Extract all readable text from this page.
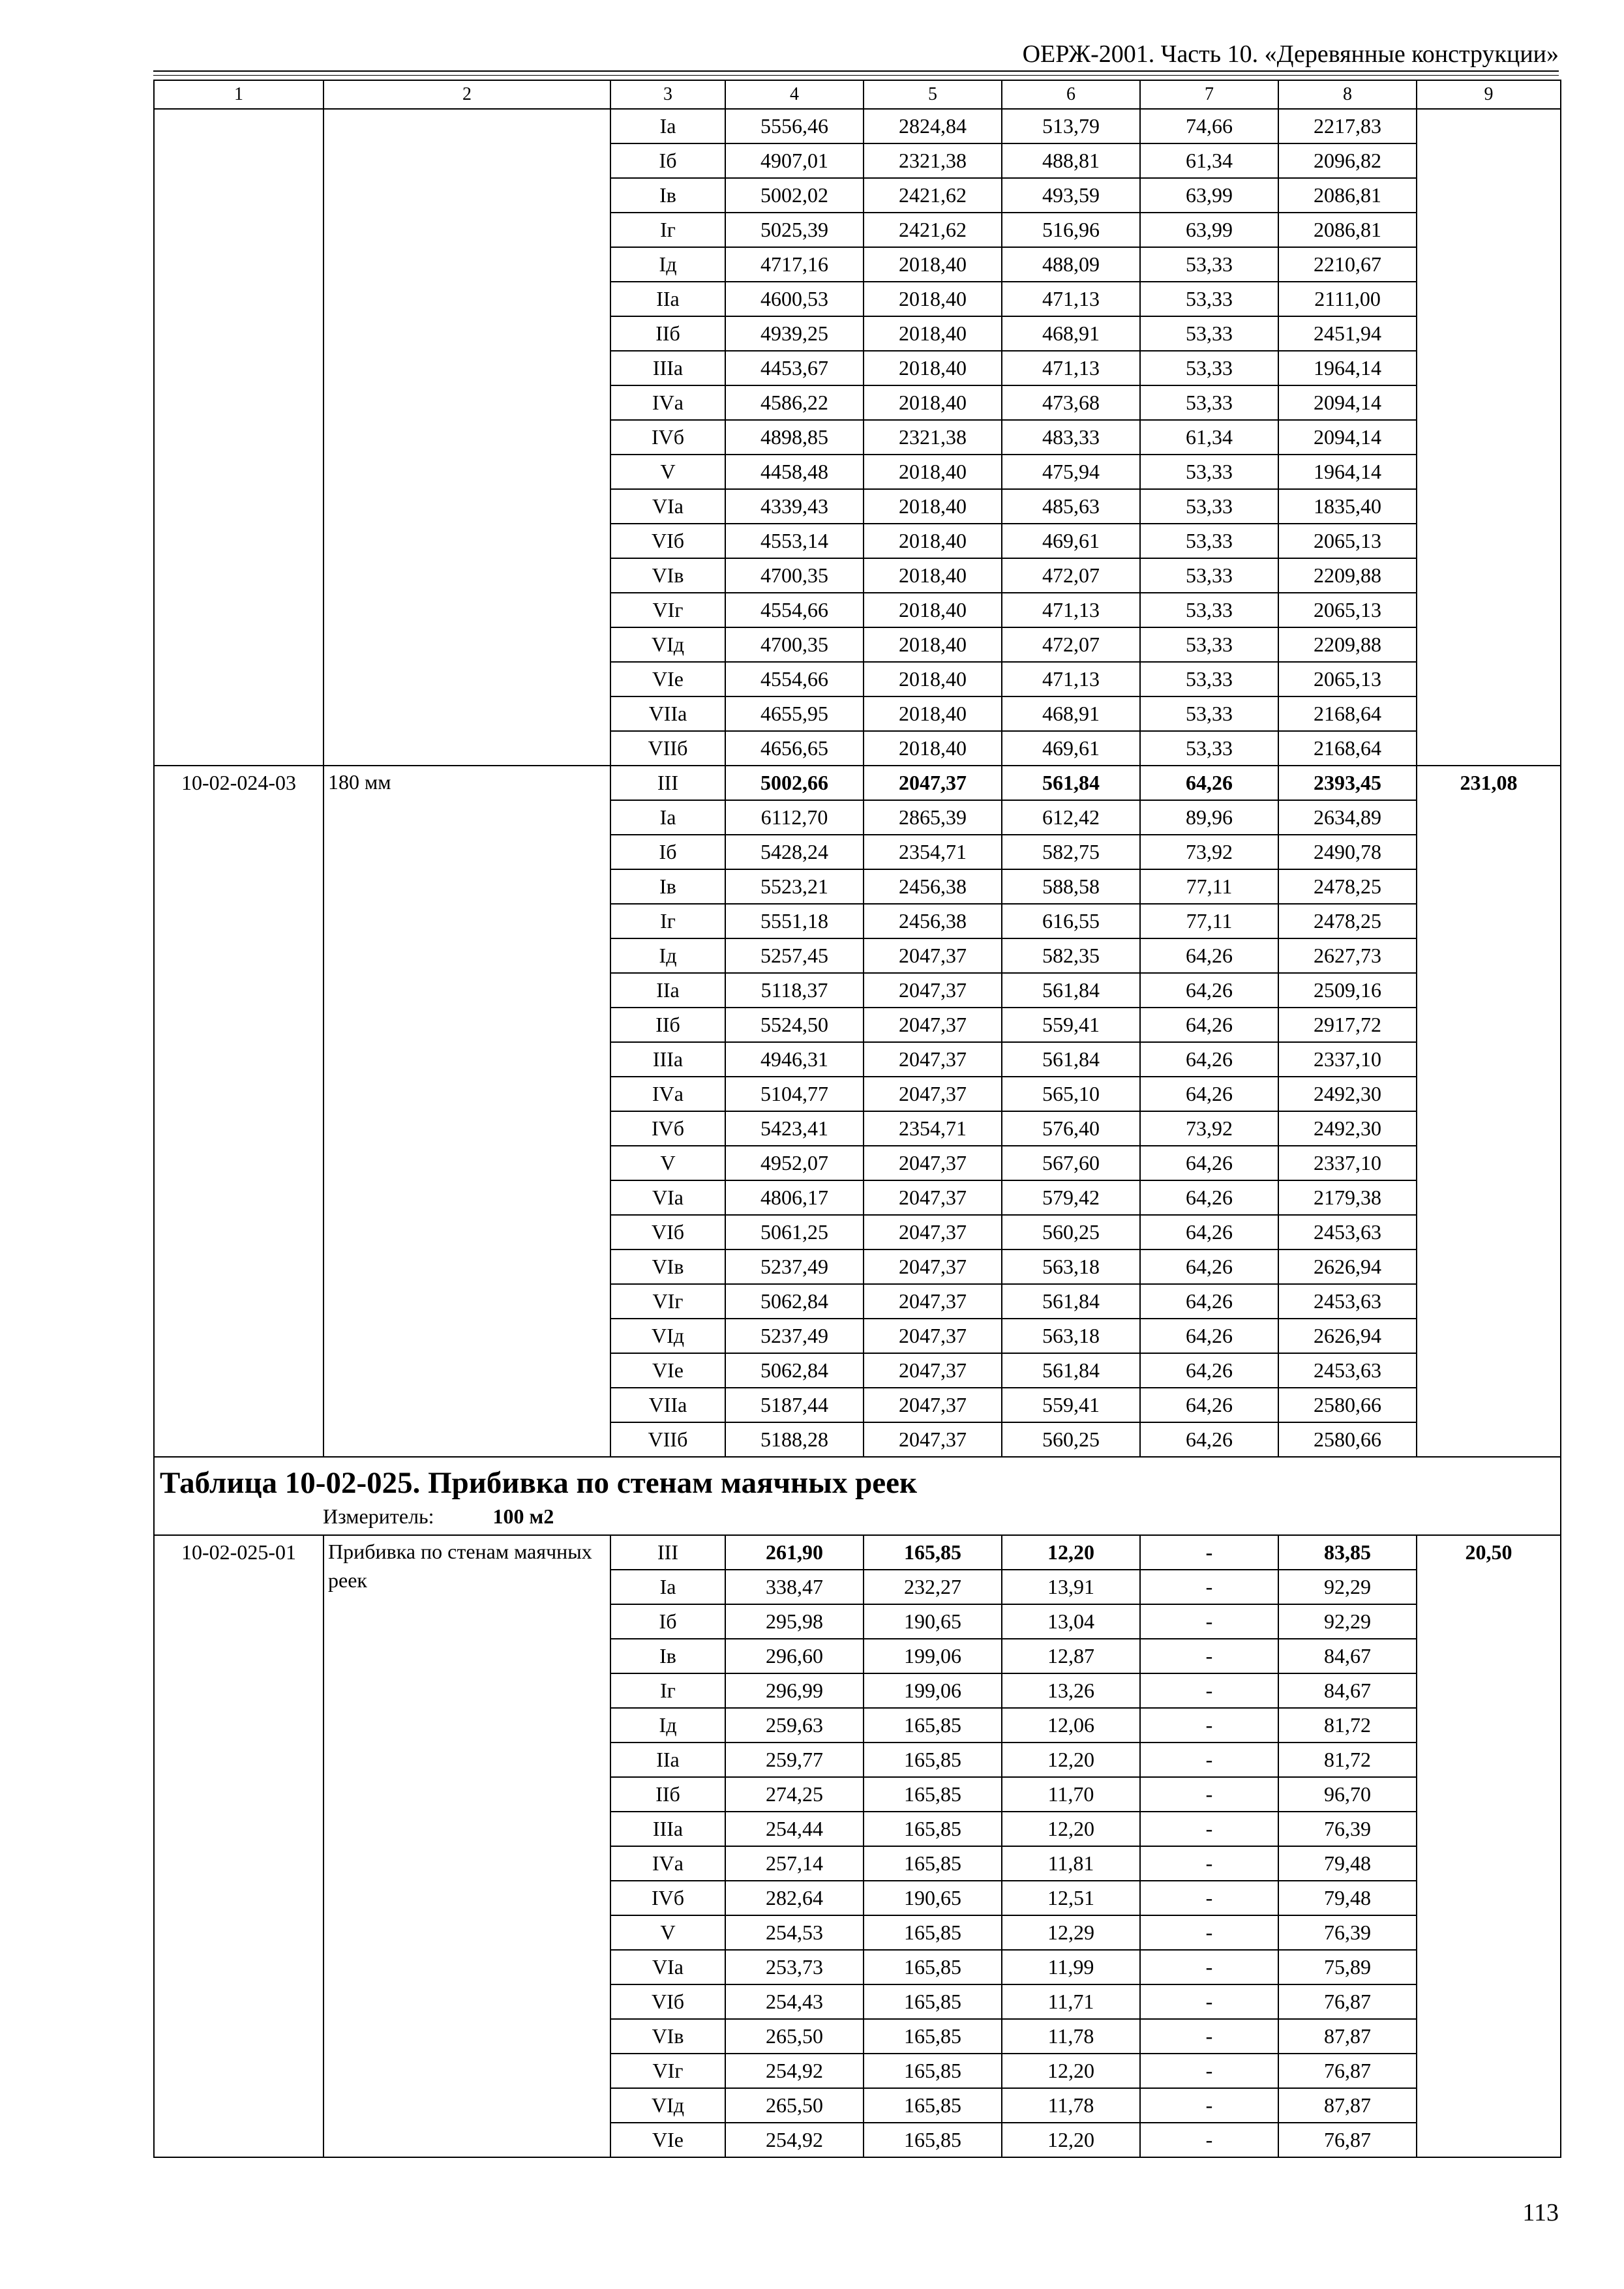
ОЕРЖ-2001. Часть 10. «Деревянные конструкции»
1	2	3	4	5	6	7	8	9
		Iа	5556,46	2824,84	513,79	74,66	2217,83	
		Iб	4907,01	2321,38	488,81	61,34	2096,82	
		Iв	5002,02	2421,62	493,59	63,99	2086,81	
		Iг	5025,39	2421,62	516,96	63,99	2086,81	
		Iд	4717,16	2018,40	488,09	53,33	2210,67	
		IIа	4600,53	2018,40	471,13	53,33	2111,00	
		IIб	4939,25	2018,40	468,91	53,33	2451,94	
		IIIа	4453,67	2018,40	471,13	53,33	1964,14	
		IVа	4586,22	2018,40	473,68	53,33	2094,14	
		IVб	4898,85	2321,38	483,33	61,34	2094,14	
		V	4458,48	2018,40	475,94	53,33	1964,14	
		VIа	4339,43	2018,40	485,63	53,33	1835,40	
		VIб	4553,14	2018,40	469,61	53,33	2065,13	
		VIв	4700,35	2018,40	472,07	53,33	2209,88	
		VIг	4554,66	2018,40	471,13	53,33	2065,13	
		VIд	4700,35	2018,40	472,07	53,33	2209,88	
		VIе	4554,66	2018,40	471,13	53,33	2065,13	
		VIIа	4655,95	2018,40	468,91	53,33	2168,64	
		VIIб	4656,65	2018,40	469,61	53,33	2168,64	
10-02-024-03	180 мм	III	5002,66	2047,37	561,84	64,26	2393,45	231,08
		Iа	6112,70	2865,39	612,42	89,96	2634,89	
		Iб	5428,24	2354,71	582,75	73,92	2490,78	
		Iв	5523,21	2456,38	588,58	77,11	2478,25	
		Iг	5551,18	2456,38	616,55	77,11	2478,25	
		Iд	5257,45	2047,37	582,35	64,26	2627,73	
		IIа	5118,37	2047,37	561,84	64,26	2509,16	
		IIб	5524,50	2047,37	559,41	64,26	2917,72	
		IIIа	4946,31	2047,37	561,84	64,26	2337,10	
		IVа	5104,77	2047,37	565,10	64,26	2492,30	
		IVб	5423,41	2354,71	576,40	73,92	2492,30	
		V	4952,07	2047,37	567,60	64,26	2337,10	
		VIа	4806,17	2047,37	579,42	64,26	2179,38	
		VIб	5061,25	2047,37	560,25	64,26	2453,63	
		VIв	5237,49	2047,37	563,18	64,26	2626,94	
		VIг	5062,84	2047,37	561,84	64,26	2453,63	
		VIд	5237,49	2047,37	563,18	64,26	2626,94	
		VIе	5062,84	2047,37	561,84	64,26	2453,63	
		VIIа	5187,44	2047,37	559,41	64,26	2580,66	
		VIIб	5188,28	2047,37	560,25	64,26	2580,66	

Таблица 10-02-025. Прибивка по стенам маячных реек
Измеритель: 100 м2								

10-02-025-01	Прибивка по стенам маячных реек	III	261,90	165,85	12,20	-	83,85	20,50
		Iа	338,47	232,27	13,91	-	92,29	
		Iб	295,98	190,65	13,04	-	92,29	
		Iв	296,60	199,06	12,87	-	84,67	
		Iг	296,99	199,06	13,26	-	84,67	
		Iд	259,63	165,85	12,06	-	81,72	
		IIа	259,77	165,85	12,20	-	81,72	
		IIб	274,25	165,85	11,70	-	96,70	
		IIIа	254,44	165,85	12,20	-	76,39	
		IVа	257,14	165,85	11,81	-	79,48	
		IVб	282,64	190,65	12,51	-	79,48	
		V	254,53	165,85	12,29	-	76,39	
		VIа	253,73	165,85	11,99	-	75,89	
		VIб	254,43	165,85	11,71	-	76,87	
		VIв	265,50	165,85	11,78	-	87,87	
		VIг	254,92	165,85	12,20	-	76,87	
		VIд	265,50	165,85	11,78	-	87,87	
		VIе	254,92	165,85	12,20	-	76,87	
113
